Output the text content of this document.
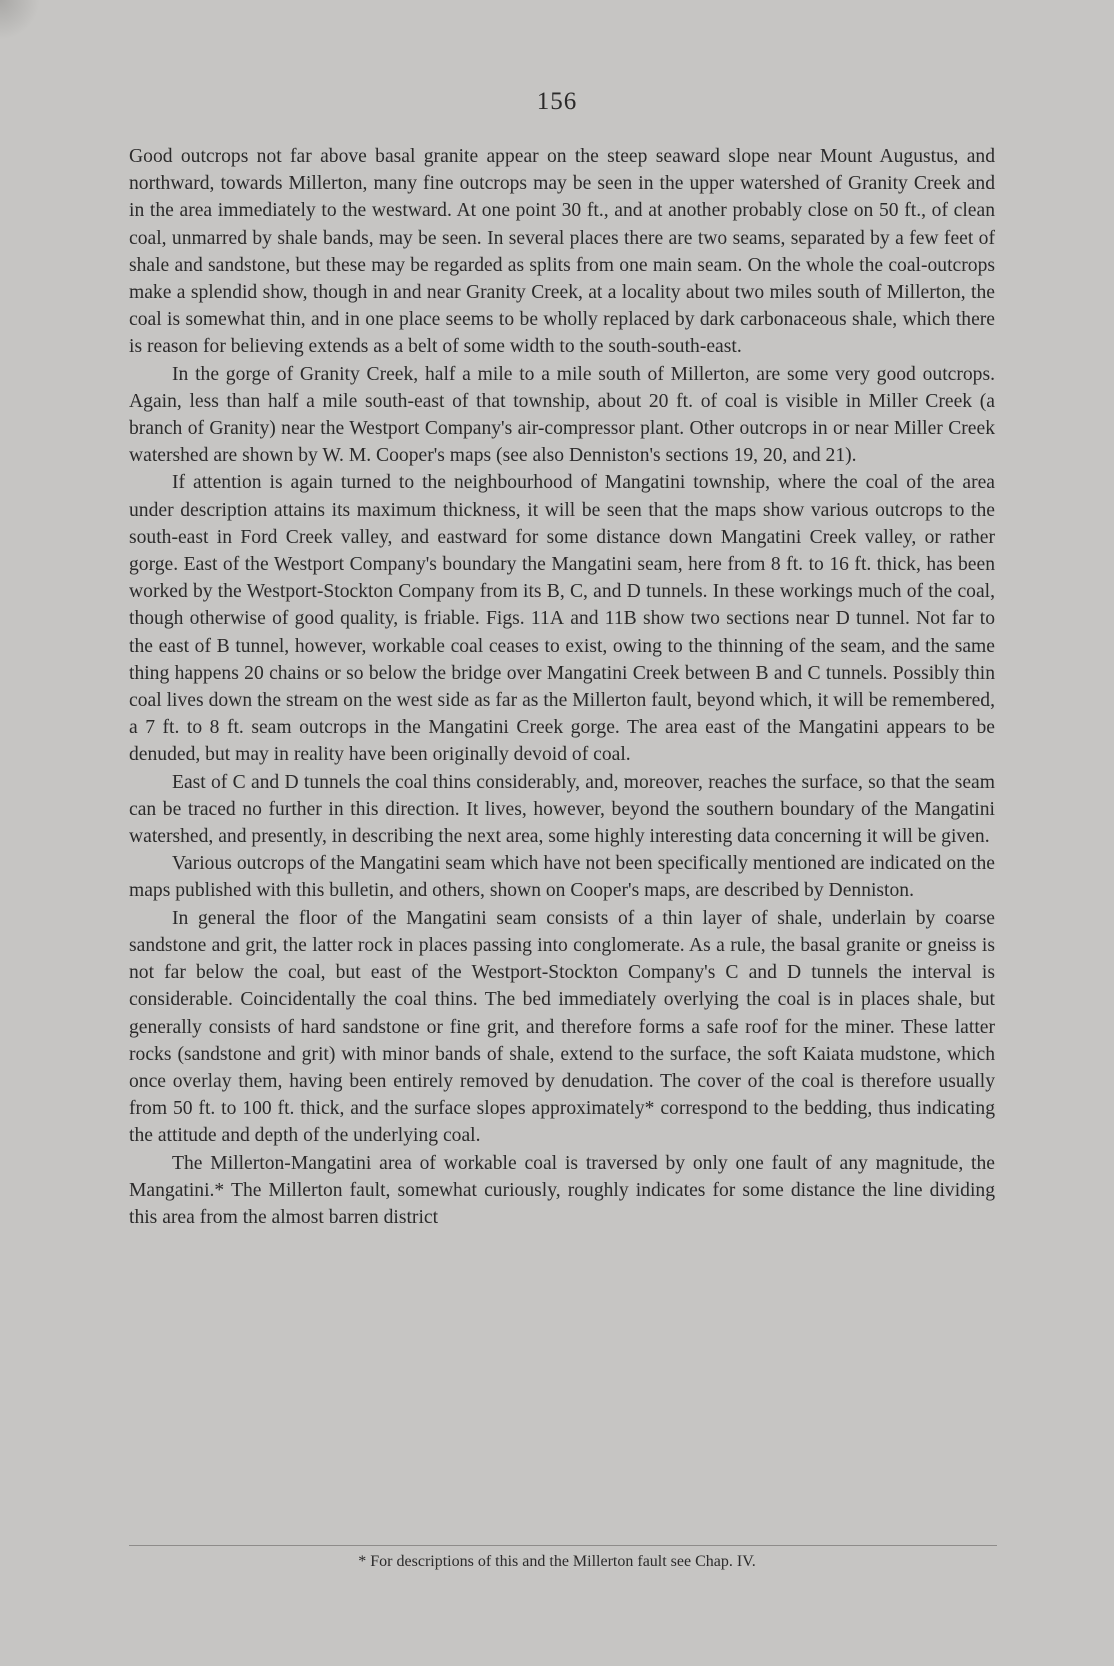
156

Good outcrops not far above basal granite appear on the steep seaward slope near Mount Augustus, and northward, towards Millerton, many fine outcrops may be seen in the upper watershed of Granity Creek and in the area immediately to the westward. At one point 30 ft., and at another probably close on 50 ft., of clean coal, unmarred by shale bands, may be seen. In several places there are two seams, separated by a few feet of shale and sandstone, but these may be regarded as splits from one main seam. On the whole the coal-outcrops make a splendid show, though in and near Granity Creek, at a locality about two miles south of Millerton, the coal is somewhat thin, and in one place seems to be wholly replaced by dark carbonaceous shale, which there is reason for believing extends as a belt of some width to the south-south-east.

In the gorge of Granity Creek, half a mile to a mile south of Millerton, are some very good outcrops. Again, less than half a mile south-east of that township, about 20 ft. of coal is visible in Miller Creek (a branch of Granity) near the Westport Company's air-compressor plant. Other outcrops in or near Miller Creek watershed are shown by W. M. Cooper's maps (see also Denniston's sections 19, 20, and 21).

If attention is again turned to the neighbourhood of Mangatini township, where the coal of the area under description attains its maximum thickness, it will be seen that the maps show various outcrops to the south-east in Ford Creek valley, and eastward for some distance down Mangatini Creek valley, or rather gorge. East of the Westport Company's boundary the Mangatini seam, here from 8 ft. to 16 ft. thick, has been worked by the Westport-Stockton Company from its B, C, and D tunnels. In these workings much of the coal, though otherwise of good quality, is friable. Figs. 11A and 11B show two sections near D tunnel. Not far to the east of B tunnel, however, workable coal ceases to exist, owing to the thinning of the seam, and the same thing happens 20 chains or so below the bridge over Mangatini Creek between B and C tunnels. Possibly thin coal lives down the stream on the west side as far as the Millerton fault, beyond which, it will be remembered, a 7 ft. to 8 ft. seam outcrops in the Mangatini Creek gorge. The area east of the Mangatini appears to be denuded, but may in reality have been originally devoid of coal.

East of C and D tunnels the coal thins considerably, and, moreover, reaches the surface, so that the seam can be traced no further in this direction. It lives, however, beyond the southern boundary of the Mangatini watershed, and presently, in describing the next area, some highly interesting data concerning it will be given.

Various outcrops of the Mangatini seam which have not been specifically mentioned are indicated on the maps published with this bulletin, and others, shown on Cooper's maps, are described by Denniston.

In general the floor of the Mangatini seam consists of a thin layer of shale, underlain by coarse sandstone and grit, the latter rock in places passing into conglomerate. As a rule, the basal granite or gneiss is not far below the coal, but east of the Westport-Stockton Company's C and D tunnels the interval is considerable. Coincidentally the coal thins. The bed immediately overlying the coal is in places shale, but generally consists of hard sandstone or fine grit, and therefore forms a safe roof for the miner. These latter rocks (sandstone and grit) with minor bands of shale, extend to the surface, the soft Kaiata mudstone, which once overlay them, having been entirely removed by denudation. The cover of the coal is therefore usually from 50 ft. to 100 ft. thick, and the surface slopes approximately* correspond to the bedding, thus indicating the attitude and depth of the underlying coal.

The Millerton-Mangatini area of workable coal is traversed by only one fault of any magnitude, the Mangatini.* The Millerton fault, somewhat curiously, roughly indicates for some distance the line dividing this area from the almost barren district

* For descriptions of this and the Millerton fault see Chap. IV.
